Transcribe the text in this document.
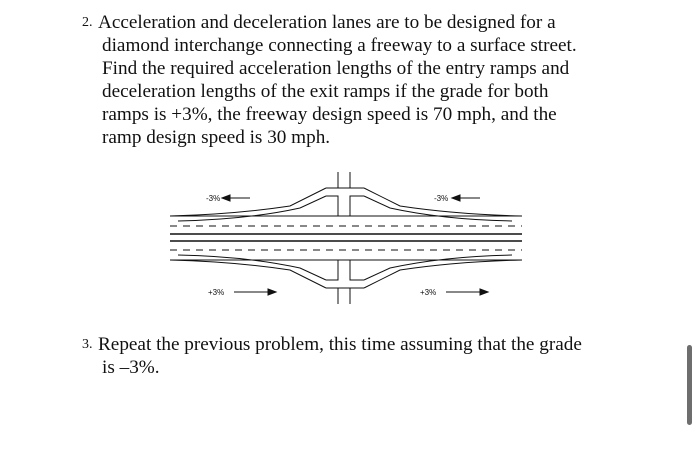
2. Acceleration and deceleration lanes are to be designed for a
diamond interchange connecting a freeway to a surface street.
Find the required acceleration lengths of the entry ramps and
deceleration lengths of the exit ramps if the grade for both
ramps is +3%, the freeway design speed is 70 mph, and the
ramp design speed is 30 mph.
-3%	-3%
+3%	+3%
3. Repeat the previous problem, this time assuming that the grade
is –3%.
